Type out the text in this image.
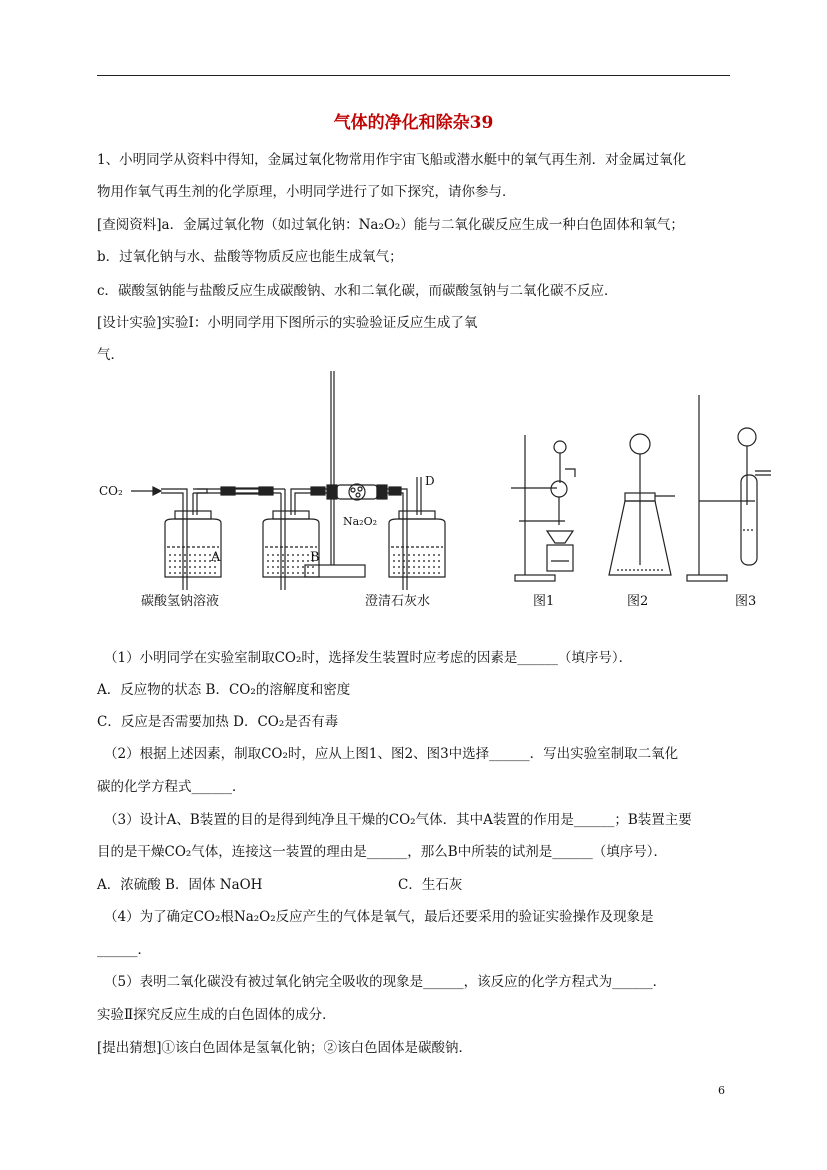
气体的净化和除杂39
1、小明同学从资料中得知，金属过氧化物常用作宇宙飞船或潜水艇中的氧气再生剂．对金属过氧化
物用作氧气再生剂的化学原理，小明同学进行了如下探究，请你参与．
[查阅资料]a．金属过氧化物（如过氧化钠：Na₂O₂）能与二氧化碳反应生成一种白色固体和氧气；
b．过氧化钠与水、盐酸等物质反应也能生成氧气；
c．碳酸氢钠能与盐酸反应生成碳酸钠、水和二氧化碳，而碳酸氢钠与二氧化碳不反应．
[设计实验]实验Ⅰ：小明同学用下图所示的实验验证反应生成了氧
气．
CO₂
A	B
Na₂O₂
D
碳酸氢钠溶液	澄清石灰水	图1	图2	图3
（1）小明同学在实验室制取CO₂时，选择发生装置时应考虑的因素是______（填序号）．
A．反应物的状态 B．CO₂的溶解度和密度
C．反应是否需要加热 D．CO₂是否有毒
（2）根据上述因素，制取CO₂时，应从上图1、图2、图3中选择______．写出实验室制取二氧化
碳的化学方程式______．
（3）设计A、B装置的目的是得到纯净且干燥的CO₂气体．其中A装置的作用是______；B装置主要
目的是干燥CO₂气体，连接这一装置的理由是______，那么B中所装的试剂是______（填序号）．
A．浓硫酸 B．固体 NaOH	C．生石灰
（4）为了确定CO₂根Na₂O₂反应产生的气体是氧气，最后还要采用的验证实验操作及现象是
______．
（5）表明二氧化碳没有被过氧化钠完全吸收的现象是______，该反应的化学方程式为______．
实验Ⅱ探究反应生成的白色固体的成分．
[提出猜想]①该白色固体是氢氧化钠；②该白色固体是碳酸钠．
6
